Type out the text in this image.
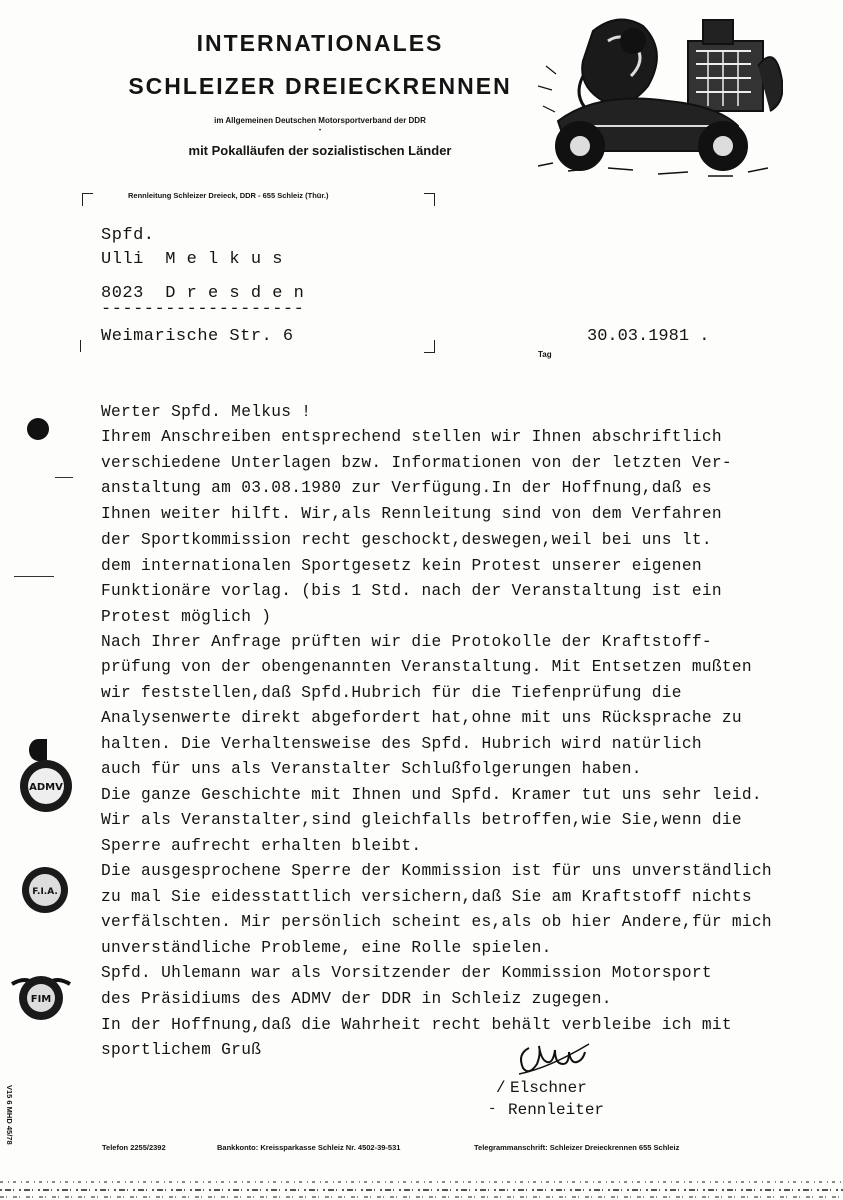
INTERNATIONALES
SCHLEIZER DREIECKRENNEN
im Allgemeinen Deutschen Motorsportverband der DDR
•
mit Pokalläufen der sozialistischen Länder
Rennleitung Schleizer Dreieck, DDR - 655 Schleiz (Thür.)
Spfd.
Ulli  M e l k u s
8023  D r e s d e n
-------------------
Weimarische Str. 6
Tag
30.03.1981 .
Werter Spfd. Melkus !
Ihrem Anschreiben entsprechend stellen wir Ihnen abschriftlich
verschiedene Unterlagen bzw. Informationen von der letzten Ver-
anstaltung am 03.08.1980 zur Verfügung.In der Hoffnung,daß es
Ihnen weiter hilft. Wir,als Rennleitung sind von dem Verfahren
der Sportkommission recht geschockt,deswegen,weil bei uns lt.
dem internationalen Sportgesetz kein Protest unserer eigenen
Funktionäre vorlag. (bis 1 Std. nach der Veranstaltung ist ein
Protest möglich )
Nach Ihrer Anfrage prüften wir die Protokolle der Kraftstoff-
prüfung von der obengenannten Veranstaltung. Mit Entsetzen mußten
wir feststellen,daß Spfd.Hubrich für die Tiefenprüfung die
Analysenwerte direkt abgefordert hat,ohne mit uns Rücksprache zu
halten. Die Verhaltensweise des Spfd. Hubrich wird natürlich
auch für uns als Veranstalter Schlußfolgerungen haben.
Die ganze Geschichte mit Ihnen und Spfd. Kramer tut uns sehr leid.
Wir als Veranstalter,sind gleichfalls betroffen,wie Sie,wenn die
Sperre aufrecht erhalten bleibt.
Die ausgesprochene Sperre der Kommission ist für uns unverständlich
zu mal Sie eidesstattlich versichern,daß Sie am Kraftstoff nichts
verfälschten. Mir persönlich scheint es,als ob hier Andere,für mich
unverständliche Probleme, eine Rolle spielen.
Spfd. Uhlemann war als Vorsitzender der Kommission Motorsport
des Präsidiums des ADMV der DDR in Schleiz zugegen.
In der Hoffnung,daß die Wahrheit recht behält verbleibe ich mit
sportlichem Gruß
ADMV
F.I.A.
FIM
/ Elschner
- Rennleiter
V15 6 MHD 45/78
Telefon 2255/2392	Bankkonto: Kreissparkasse Schleiz Nr. 4502-39-531	Telegrammanschrift: Schleizer Dreieckrennen 655 Schleiz
